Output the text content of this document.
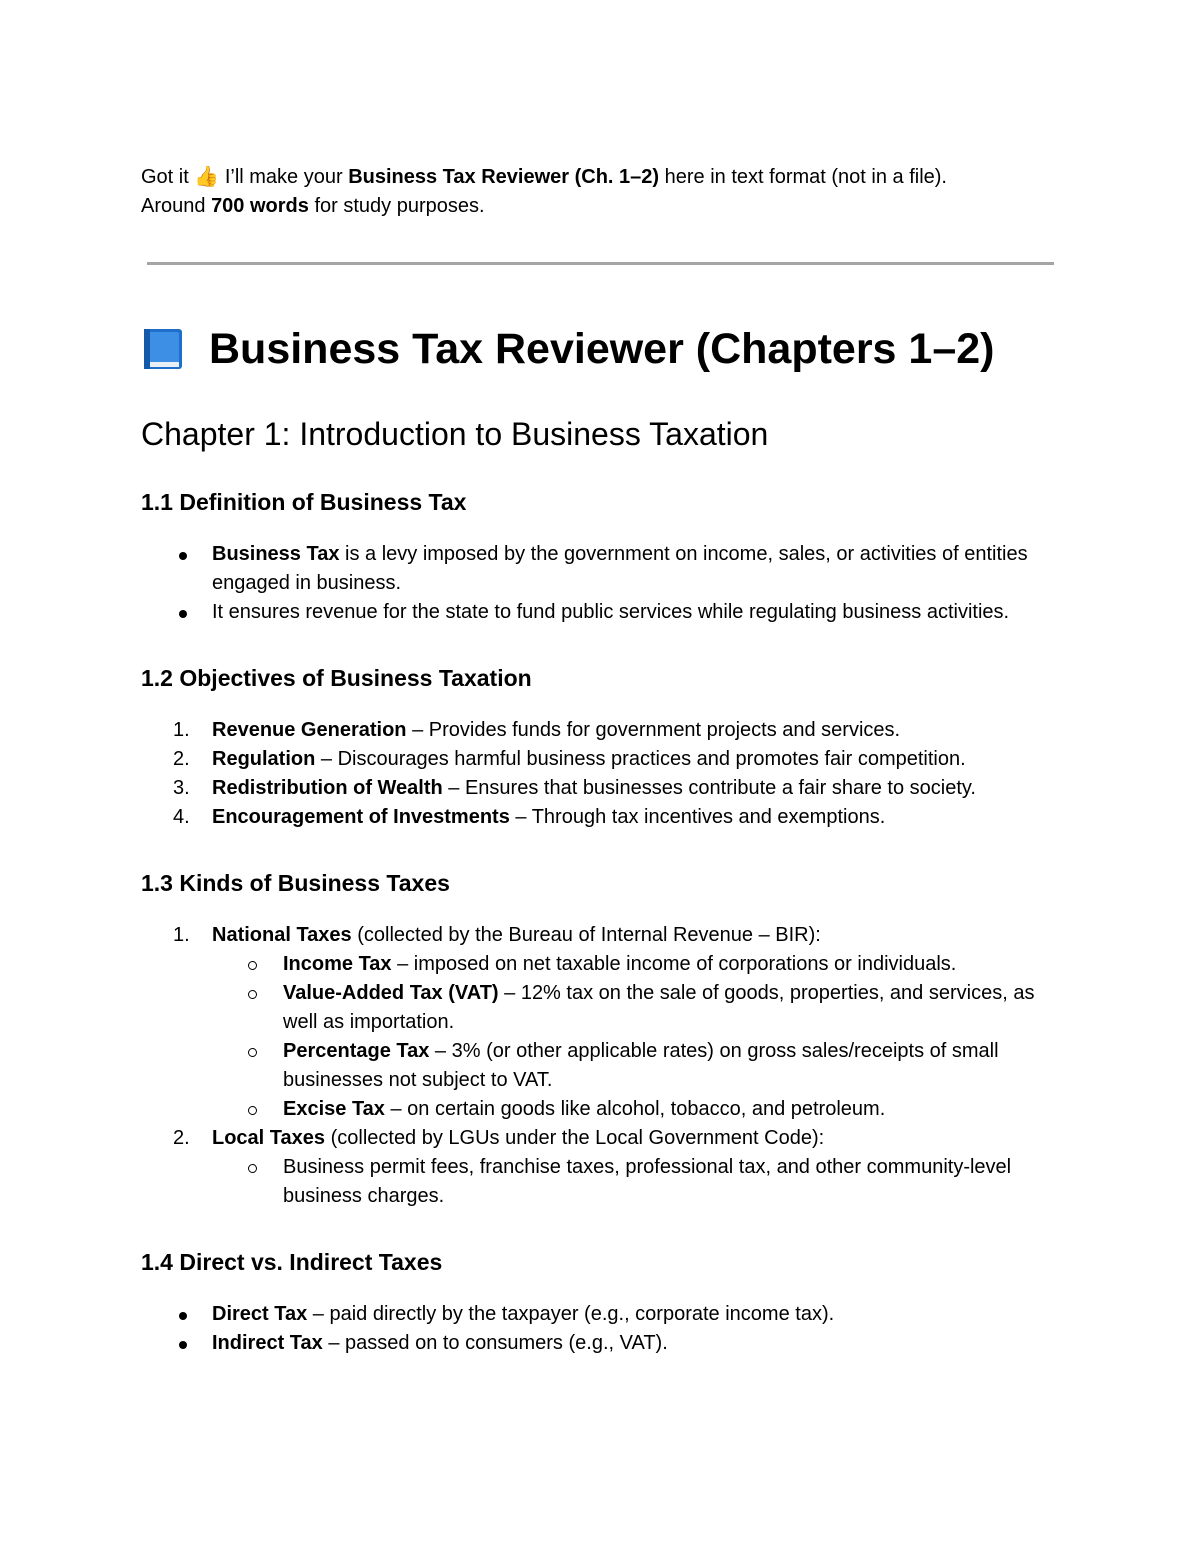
Got it 👍 I’ll make your Business Tax Reviewer (Ch. 1–2) here in text format (not in a file).

Around 700 words for study purposes.

Business Tax Reviewer (Chapters 1–2)
Chapter 1: Introduction to Business Taxation
1.1 Definition of Business Tax
Business Tax is a levy imposed by the government on income, sales, or activities of entities engaged in business.
It ensures revenue for the state to fund public services while regulating business activities.
1.2 Objectives of Business Taxation
1. Revenue Generation – Provides funds for government projects and services.
2. Regulation – Discourages harmful business practices and promotes fair competition.
3. Redistribution of Wealth – Ensures that businesses contribute a fair share to society.
4. Encouragement of Investments – Through tax incentives and exemptions.
1.3 Kinds of Business Taxes
1. National Taxes (collected by the Bureau of Internal Revenue – BIR):
Income Tax – imposed on net taxable income of corporations or individuals.
Value-Added Tax (VAT) – 12% tax on the sale of goods, properties, and services, as well as importation.
Percentage Tax – 3% (or other applicable rates) on gross sales/receipts of small businesses not subject to VAT.
Excise Tax – on certain goods like alcohol, tobacco, and petroleum.
2. Local Taxes (collected by LGUs under the Local Government Code):
Business permit fees, franchise taxes, professional tax, and other community-level business charges.
1.4 Direct vs. Indirect Taxes
Direct Tax – paid directly by the taxpayer (e.g., corporate income tax).
Indirect Tax – passed on to consumers (e.g., VAT).
